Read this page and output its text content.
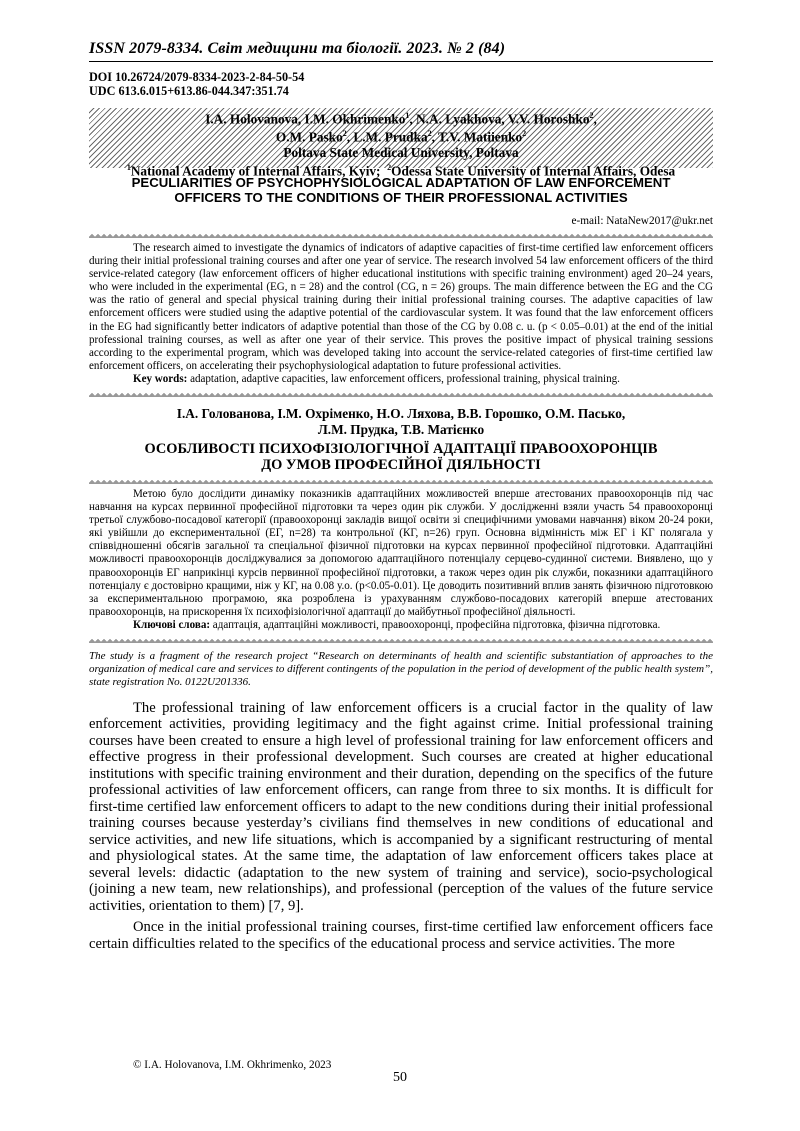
ISSN 2079-8334. Світ медицини та біології. 2023. № 2 (84)
DOI 10.26724/2079-8334-2023-2-84-50-54
UDC 613.6.015+613.86-044.347:351.74
I.A. Holovanova, I.M. Okhrimenko$^1$, N.A. Lyakhova, V.V. Horoshko$^2$,
O.M. Pasko$^2$, L.M. Prudka$^2$, T.V. Matiienko$^2$
Poltava State Medical University, Poltava
$^1$National Academy of Internal Affairs, Kyiv; $^2$Odessa State University of Internal Affairs, Odesa
PECULIARITIES OF PSYCHOPHYSIOLOGICAL ADAPTATION OF LAW ENFORCEMENT
OFFICERS TO THE CONDITIONS OF THEIR PROFESSIONAL ACTIVITIES
e-mail: NataNew2017@ukr.net

The research aimed to investigate the dynamics of indicators of adaptive capacities of first-time certified law enforcement officers during their initial professional training courses and after one year of service. The research involved 54 law enforcement officers of the third service-related category (law enforcement officers of higher educational institutions with specific training environment) aged 20–24 years, who were included in the experimental (EG, n = 28) and the control (CG, n = 26) groups. The main difference between the EG and the CG was the ratio of general and special physical training during their initial professional training courses. The adaptive capacities of law enforcement officers were studied using the adaptive potential of the cardiovascular system. It was found that the law enforcement officers in the EG had significantly better indicators of adaptive potential than those of the CG by 0.08 c. u. (p < 0.05–0.01) at the end of the initial professional training courses, as well as after one year of their service. This proves the positive impact of physical training sessions according to the experimental program, which was developed taking into account the service-related categories of first-time certified law enforcement officers, on accelerating their psychophysiological adaptation to future professional activities.

Key words: adaptation, adaptive capacities, law enforcement officers, professional training, physical training.
І.А. Голованова, І.М. Охріменко, Н.О. Ляхова, В.В. Горошко, О.М. Пасько,
Л.М. Прудка, Т.В. Матієнко
ОСОБЛИВОСТІ ПСИХОФІЗІОЛОГІЧНОЇ АДАПТАЦІЇ ПРАВООХОРОНЦІВ
ДО УМОВ ПРОФЕСІЙНОЇ ДІЯЛЬНОСТІ

Метою було дослідити динаміку показників адаптаційних можливостей вперше атестованих правоохоронців під час навчання на курсах первинної професійної підготовки та через один рік служби. У дослідженні взяли участь 54 правоохоронці третьої службово-посадової категорії (правоохоронці закладів вищої освіти зі специфічними умовами навчання) віком 20-24 роки, які увійшли до експериментальної (ЕГ, n=28) та контрольної (КГ, n=26) груп. Основна відмінність між ЕГ і КГ полягала у співвідношенні обсягів загальної та спеціальної фізичної підготовки на курсах первинної професійної підготовки. Адаптаційні можливості правоохоронців досліджувалися за допомогою адаптаційного потенціалу серцево-судинної системи. Виявлено, що у правоохоронців ЕГ наприкінці курсів первинної професійної підготовки, а також через один рік служби, показники адаптаційного потенціалу є достовірно кращими, ніж у КГ, на 0.08 у.о. (р<0.05-0.01). Це доводить позитивний вплив занять фізичною підготовкою за експериментальною програмою, яка розроблена із урахуванням службово-посадових категорій вперше атестованих правоохоронців, на прискорення їх психофізіологічної адаптації до майбутньої професійної діяльності.

Ключові слова: адаптація, адаптаційні можливості, правоохоронці, професійна підготовка, фізична підготовка.
The study is a fragment of the research project “Research on determinants of health and scientific substantiation of approaches to the organization of medical care and services to different contingents of the population in the period of development of the public health system”, state registration No. 0122U201336.

The professional training of law enforcement officers is a crucial factor in the quality of law enforcement activities, providing legitimacy and the fight against crime. Initial professional training courses have been created to ensure a high level of professional training for law enforcement officers and effective progress in their professional development. Such courses are created at higher educational institutions with specific training environment and their duration, depending on the specifics of the future professional activities of law enforcement officers, can range from three to six months. It is difficult for first-time certified law enforcement officers to adapt to the new conditions during their initial professional training courses because yesterday’s civilians find themselves in new conditions of educational and service activities, and new life situations, which is accompanied by a significant restructuring of mental and physiological states. At the same time, the adaptation of law enforcement officers takes place at several levels: didactic (adaptation to the new system of training and service), socio-psychological (joining a new team, new relationships), and professional (perception of the values of the future service activities, orientation to them) [7, 9].

Once in the initial professional training courses, first-time certified law enforcement officers face certain difficulties related to the specifics of the educational process and service activities. The more

© I.A. Holovanova, I.M. Okhrimenko, 2023
50
